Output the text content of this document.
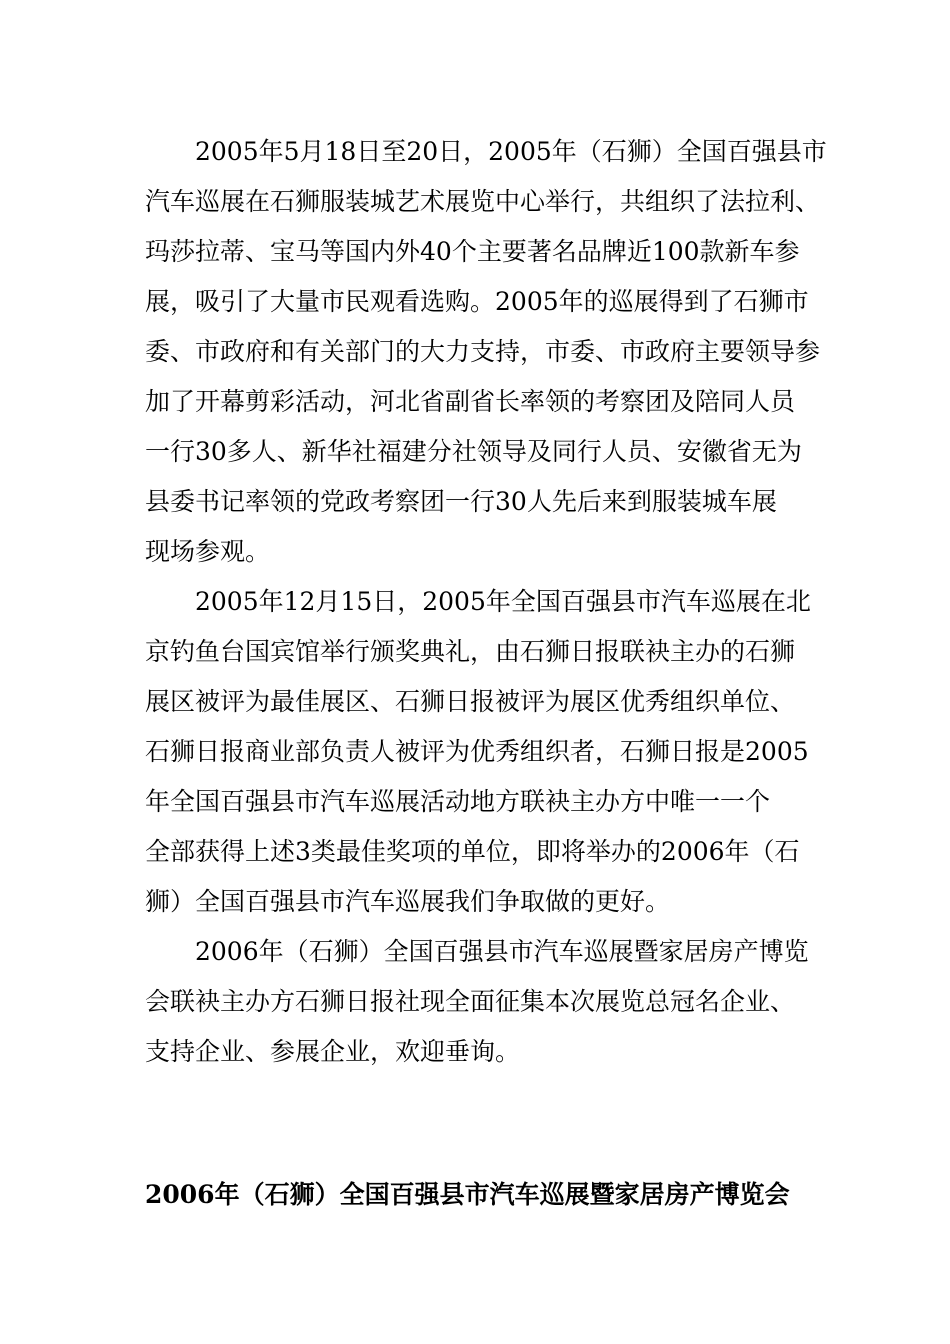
2005年5月18日至20日，2005年（石狮）全国百强县市

汽车巡展在石狮服装城艺术展览中心举行，共组织了法拉利、

玛莎拉蒂、宝马等国内外40个主要著名品牌近100款新车参

展，吸引了大量市民观看选购。2005年的巡展得到了石狮市

委、市政府和有关部门的大力支持，市委、市政府主要领导参

加了开幕剪彩活动，河北省副省长率领的考察团及陪同人员

一行30多人、新华社福建分社领导及同行人员、安徽省无为

县委书记率领的党政考察团一行30人先后来到服装城车展

现场参观。

2005年12月15日，2005年全国百强县市汽车巡展在北

京钓鱼台国宾馆举行颁奖典礼，由石狮日报联袂主办的石狮

展区被评为最佳展区、石狮日报被评为展区优秀组织单位、

石狮日报商业部负责人被评为优秀组织者，石狮日报是2005

年全国百强县市汽车巡展活动地方联袂主办方中唯一一个

全部获得上述3类最佳奖项的单位，即将举办的2006年（石

狮）全国百强县市汽车巡展我们争取做的更好。

2006年（石狮）全国百强县市汽车巡展暨家居房产博览

会联袂主办方石狮日报社现全面征集本次展览总冠名企业、

支持企业、参展企业，欢迎垂询。

2006年（石狮）全国百强县市汽车巡展暨家居房产博览会
